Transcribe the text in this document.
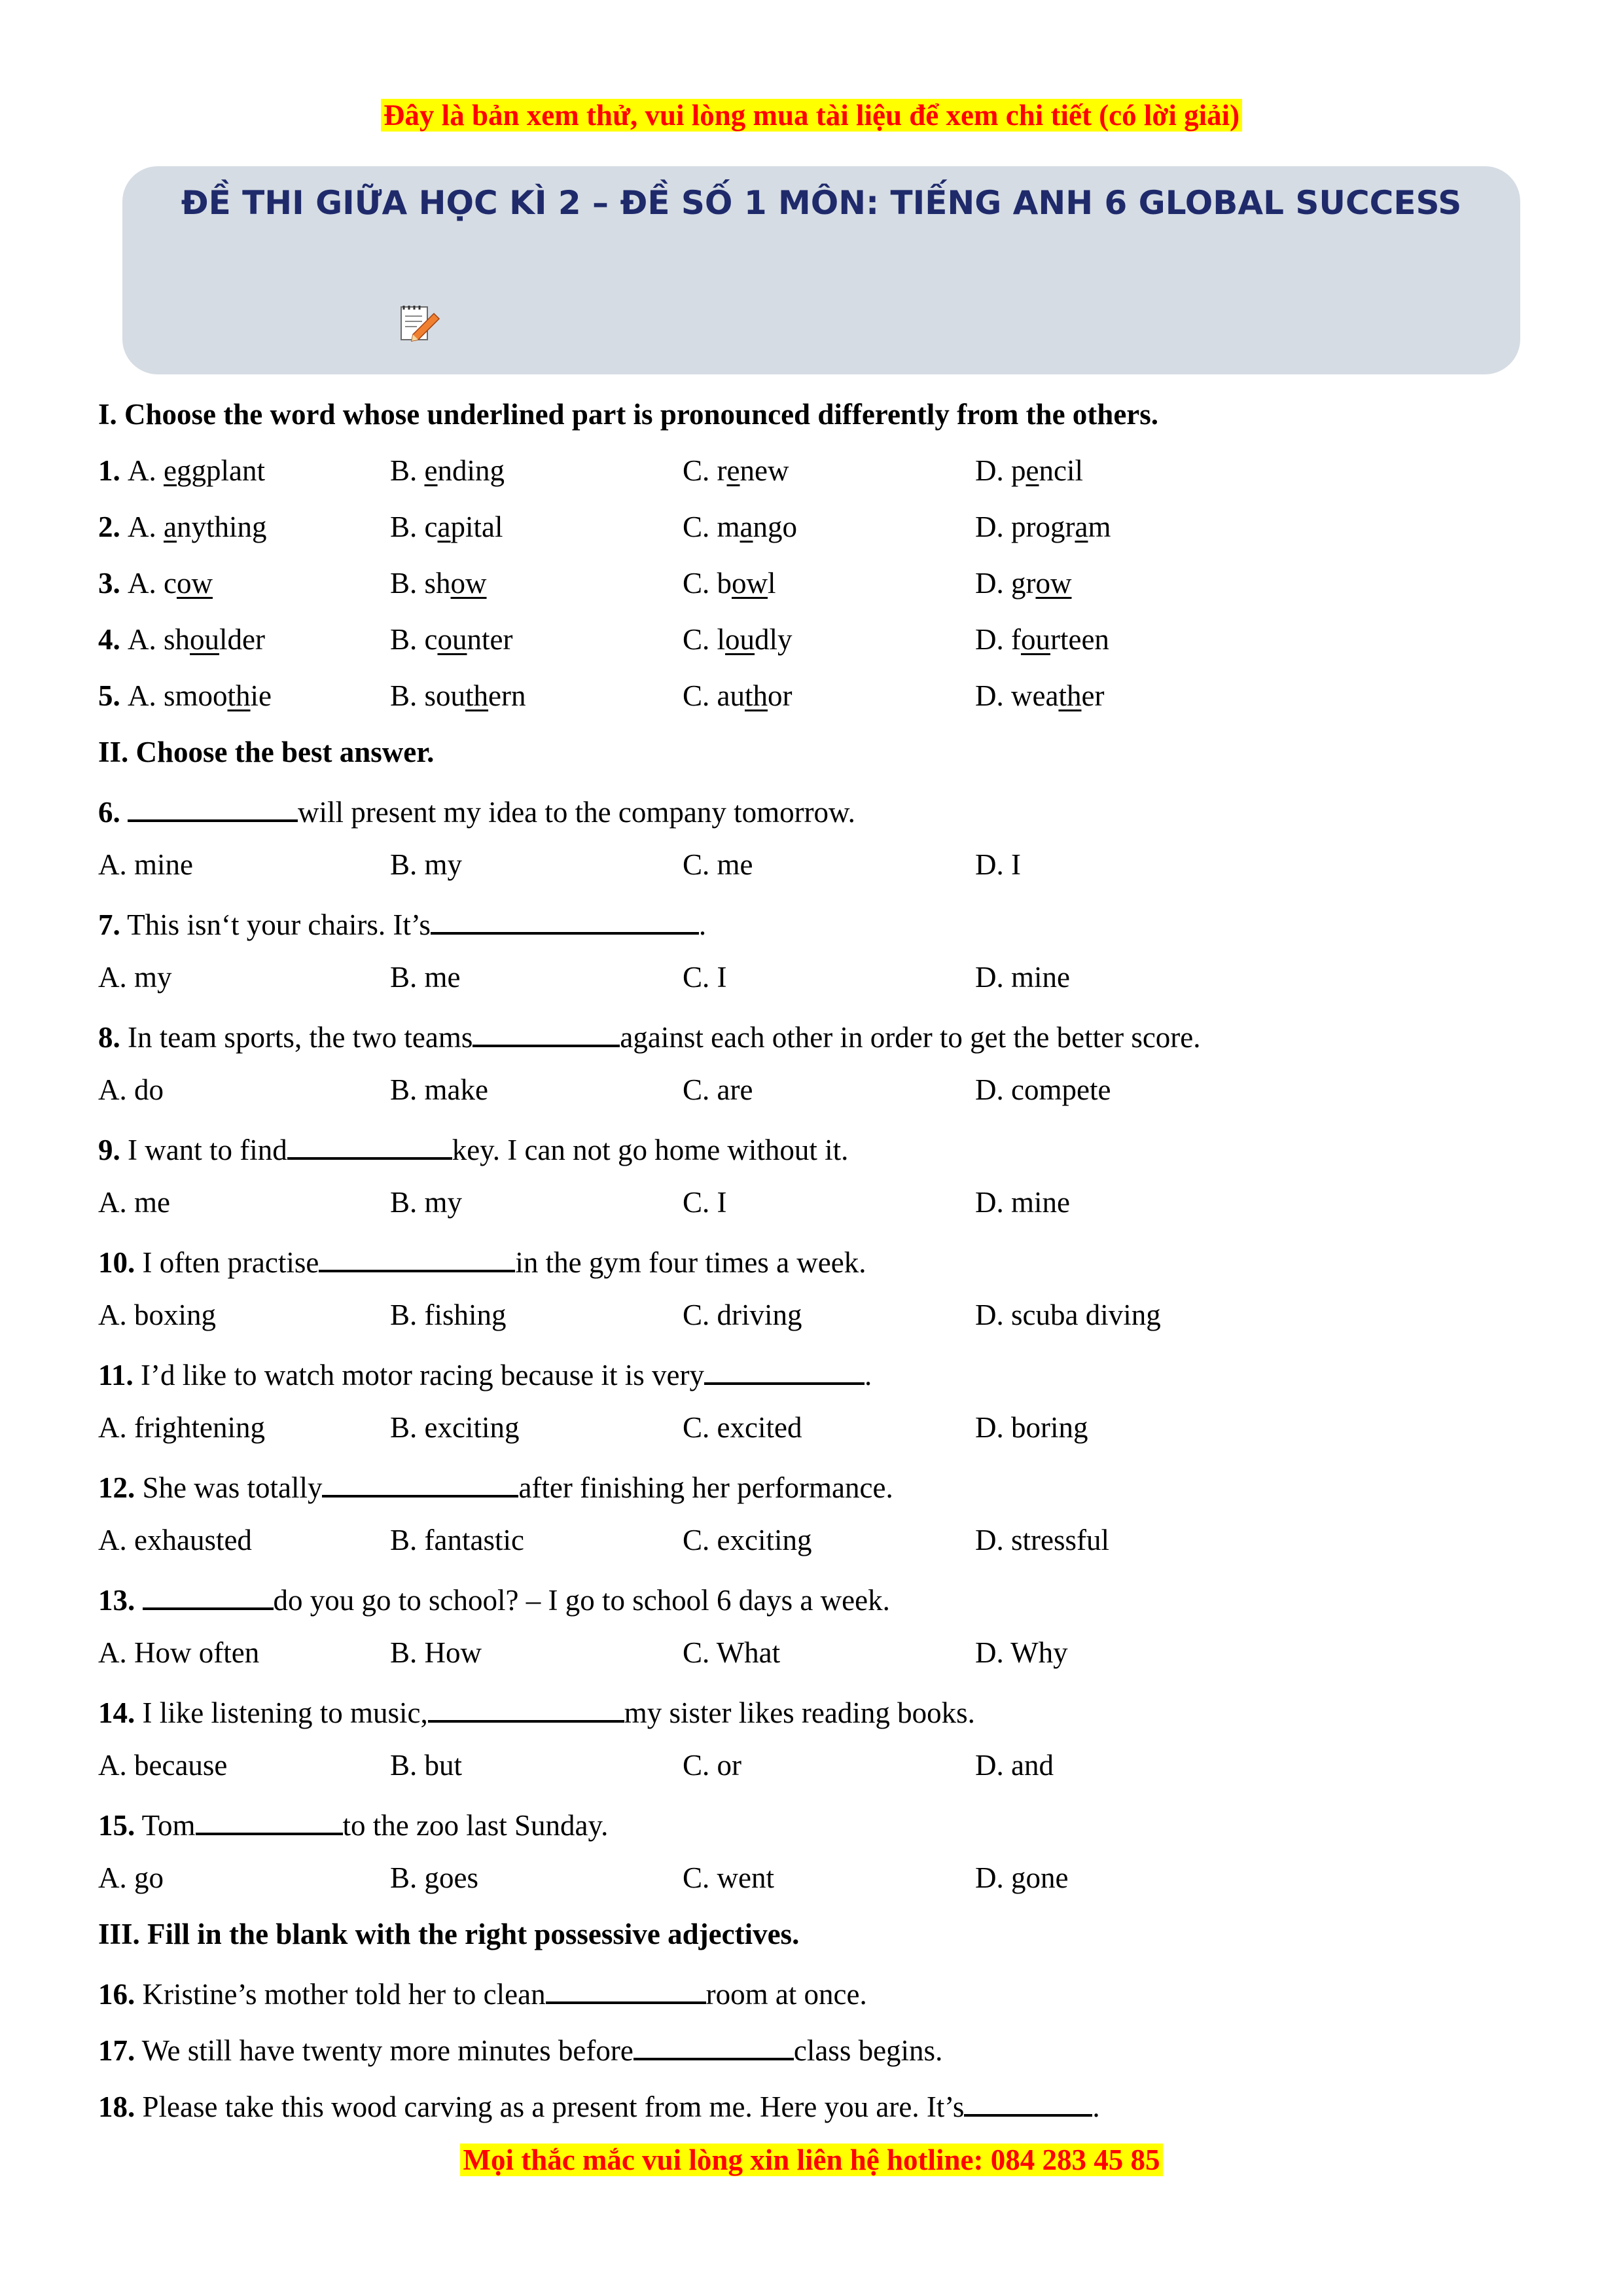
Đây là bản xem thử, vui lòng mua tài liệu để xem chi tiết (có lời giải)
ĐỀ THI GIỮA HỌC KÌ 2 – ĐỀ SỐ 1 MÔN: TIẾNG ANH 6 GLOBAL SUCCESS
I. Choose the word whose underlined part is pronounced differently from the others.
1. A. eggplant	B. ending	C. renew	D. pencil
2. A. anything	B. capital	C. mango	D. program
3. A. cow	B. show	C. bowl	D. grow
4. A. shoulder	B. counter	C. loudly	D. fourteen
5. A. smoothie	B. southern	C. author	D. weather
II. Choose the best answer.
6.	will present my idea to the company tomorrow.
A. mine	B. my	C. me	D. I
7. This isn‘t your chairs. It’s	.
A. my	B. me	C. I	D. mine
8. In team sports, the two teams	against each other in order to get the better score.
A. do	B. make	C. are	D. compete
9. I want to find	key. I can not go home without it.
A. me	B. my	C. I	D. mine
10. I often practise	in the gym four times a week.
A. boxing	B. fishing	C. driving	D. scuba diving
11. I’d like to watch motor racing because it is very	.
A. frightening	B. exciting	C. excited	D. boring
12. She was totally	after finishing her performance.
A. exhausted	B. fantastic	C. exciting	D. stressful
13.	do you go to school? – I go to school 6 days a week.
A. How often	B. How	C. What	D. Why
14. I like listening to music,	my sister likes reading books.
A. because	B. but	C. or	D. and
15. Tom	to the zoo last Sunday.
A. go	B. goes	C. went	D. gone
III. Fill in the blank with the right possessive adjectives.
16. Kristine’s mother told her to clean	room at once.
17. We still have twenty more minutes before	class begins.
18. Please take this wood carving as a present from me. Here you are. It’s	.
Mọi thắc mắc vui lòng xin liên hệ hotline: 084 283 45 85
